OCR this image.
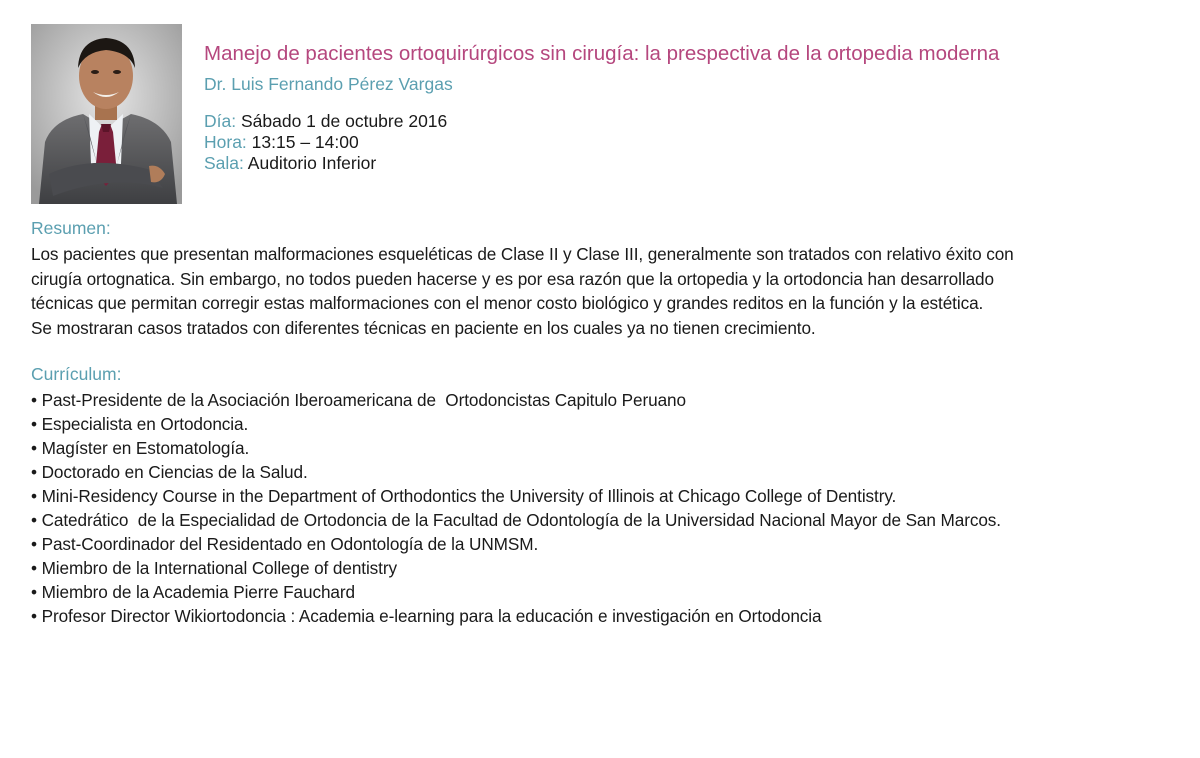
Manejo de pacientes ortoquirúrgicos sin cirugía: la prespectiva de la ortopedia moderna
Dr. Luis Fernando Pérez Vargas
Día: Sábado 1 de octubre 2016
Hora: 13:15 – 14:00
Sala: Auditorio Inferior
Resumen:
Los pacientes que presentan malformaciones esqueléticas de Clase II y Clase III, generalmente son tratados con relativo éxito con
cirugía ortognatica. Sin embargo, no todos pueden hacerse y es por esa razón que la ortopedia y la ortodoncia han desarrollado
técnicas que permitan corregir estas malformaciones con el menor costo biológico y grandes reditos en la función y la estética.
Se mostraran casos tratados con diferentes técnicas en paciente en los cuales ya no tienen crecimiento.
Currículum:
• Past-Presidente de la Asociación Iberoamericana de  Ortodoncistas Capitulo Peruano
• Especialista en Ortodoncia.
• Magíster en Estomatología.
• Doctorado en Ciencias de la Salud.
• Mini-Residency Course in the Department of Orthodontics the University of Illinois at Chicago College of Dentistry.
• Catedrático  de la Especialidad de Ortodoncia de la Facultad de Odontología de la Universidad Nacional Mayor de San Marcos.
• Past-Coordinador del Residentado en Odontología de la UNMSM.
• Miembro de la International College of dentistry
• Miembro de la Academia Pierre Fauchard
• Profesor Director Wikiortodoncia : Academia e-learning para la educación e investigación en Ortodoncia
